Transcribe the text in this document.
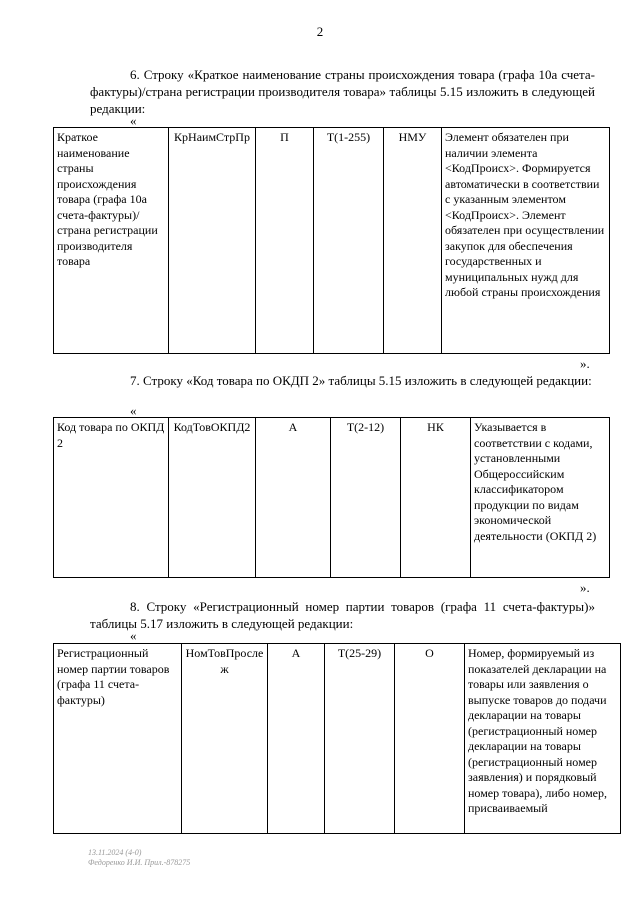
2
6. Строку «Краткое наименование страны происхождения товара (графа 10а счета-фактуры)/страна регистрации производителя товара» таблицы 5.15 изложить в следующей редакции:
«
Краткое наименование страны происхождения товара (графа 10а счета-фактуры)/страна регистрации производителя товара	КрНаимСтрПр	П	Т(1-255)	НМУ	Элемент обязателен при наличии элемента <КодПроисх>. Формируется автоматически в соответствии с указанным элементом <КодПроисх>. Элемент обязателен при осуществлении закупок для обеспечения государственных и муниципальных нужд для любой страны происхождения
».
7. Строку «Код товара по ОКДП 2» таблицы 5.15 изложить в следующей редакции:
«
Код товара по ОКПД 2	КодТовОКПД2	А	Т(2-12)	НК	Указывается в соответствии с кодами, установленными Общероссийским классификатором продукции по видам экономической деятельности (ОКПД 2)
».
8. Строку «Регистрационный номер партии товаров (графа 11 счета-фактуры)» таблицы 5.17 изложить в следующей редакции:
«
Регистрационный номер партии товаров (графа 11 счета-фактуры)	НомТовПрослеж	А	Т(25-29)	О	Номер, формируемый из показателей декларации на товары или заявления о выпуске товаров до подачи декларации на товары (регистрационный номер декларации на товары (регистрационный номер заявления) и порядковый номер товара), либо номер, присваиваемый
13.11.2024 (4-0)
Федоренко И.И. Прил.-878275
